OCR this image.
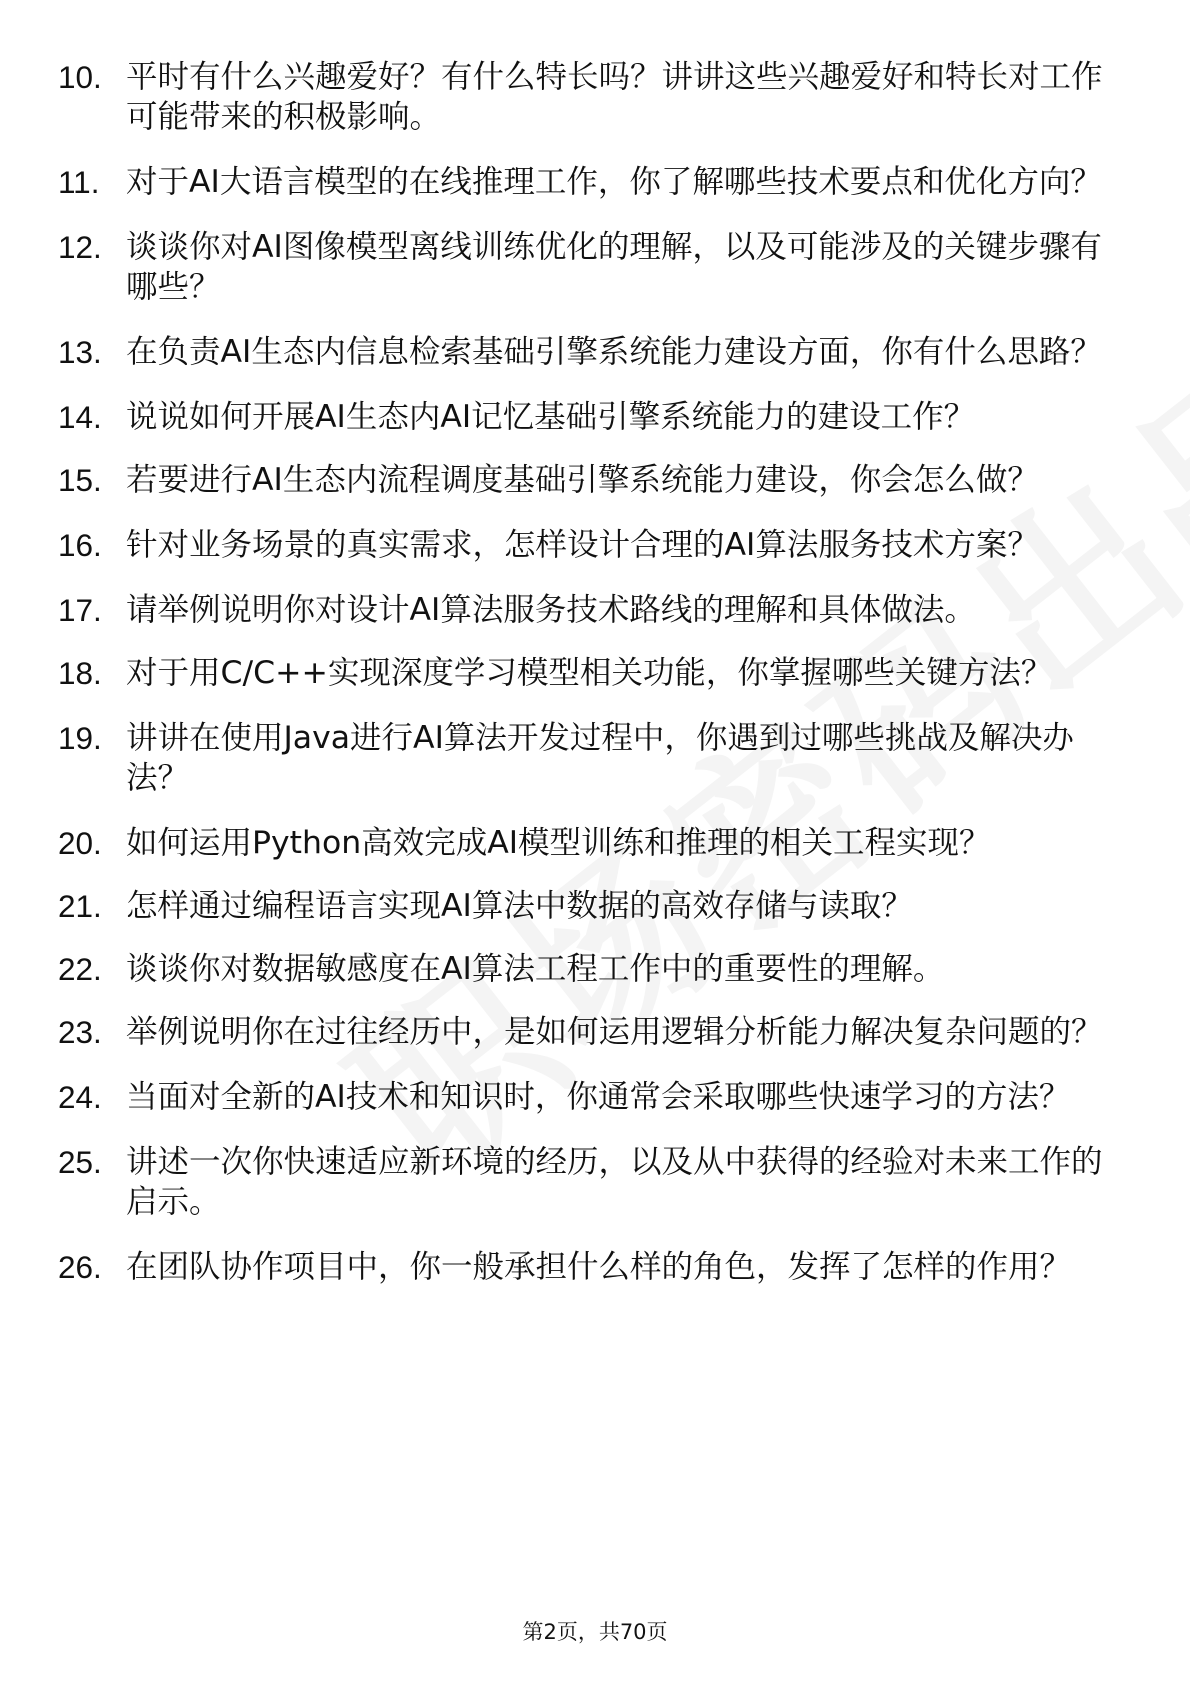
10. 平时有什么兴趣爱好？有什么特长吗？讲讲这些兴趣爱好和特长对工作可能带来的积极影响。
11. 对于AI大语言模型的在线推理工作，你了解哪些技术要点和优化方向？
12. 谈谈你对AI图像模型离线训练优化的理解，以及可能涉及的关键步骤有哪些？
13. 在负责AI生态内信息检索基础引擎系统能力建设方面，你有什么思路？
14. 说说如何开展AI生态内AI记忆基础引擎系统能力的建设工作？
15. 若要进行AI生态内流程调度基础引擎系统能力建设，你会怎么做？
16. 针对业务场景的真实需求，怎样设计合理的AI算法服务技术方案？
17. 请举例说明你对设计AI算法服务技术路线的理解和具体做法。
18. 对于用C/C++实现深度学习模型相关功能，你掌握哪些关键方法？
19. 讲讲在使用Java进行AI算法开发过程中，你遇到过哪些挑战及解决办法？
20. 如何运用Python高效完成AI模型训练和推理的相关工程实现？
21. 怎样通过编程语言实现AI算法中数据的高效存储与读取？
22. 谈谈你对数据敏感度在AI算法工程工作中的重要性的理解。
23. 举例说明你在过往经历中，是如何运用逻辑分析能力解决复杂问题的？
24. 当面对全新的AI技术和知识时，你通常会采取哪些快速学习的方法？
25. 讲述一次你快速适应新环境的经历，以及从中获得的经验对未来工作的启示。
26. 在团队协作项目中，你一般承担什么样的角色，发挥了怎样的作用？
第2页，共70页
